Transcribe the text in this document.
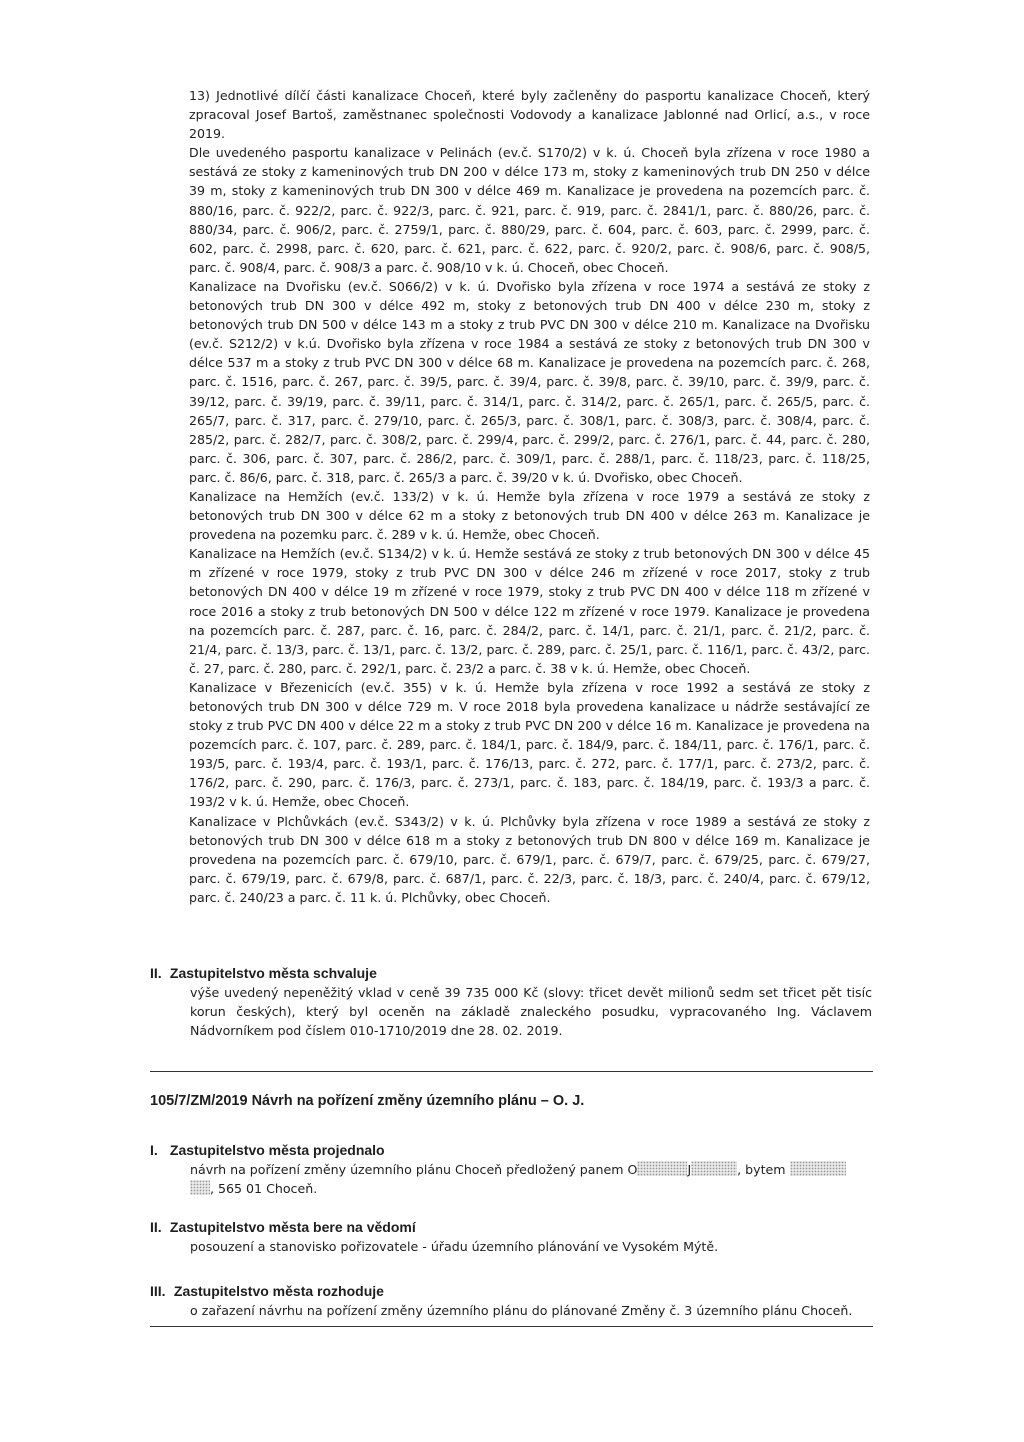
13) Jednotlivé dílčí části kanalizace Choceň, které byly začleněny do pasportu kanalizace Choceň, který zpracoval Josef Bartoš, zaměstnanec společnosti Vodovody a kanalizace Jablonné nad Orlicí, a.s., v roce 2019.
Dle uvedeného pasportu kanalizace v Pelinách (ev.č. S170/2) v k. ú. Choceň byla zřízena v roce 1980 a sestává ze stoky z kameninových trub DN 200 v délce 173 m, stoky z kameninových trub DN 250 v délce 39 m, stoky z kameninových trub DN 300 v délce 469 m. Kanalizace je provedena na pozemcích parc. č. 880/16, parc. č. 922/2, parc. č. 922/3, parc. č. 921, parc. č. 919, parc. č. 2841/1, parc. č. 880/26, parc. č. 880/34, parc. č. 906/2, parc. č. 2759/1, parc. č. 880/29, parc. č. 604, parc. č. 603, parc. č. 2999, parc. č. 602, parc. č. 2998, parc. č. 620, parc. č. 621, parc. č. 622, parc. č. 920/2, parc. č. 908/6, parc. č. 908/5, parc. č. 908/4, parc. č. 908/3 a parc. č. 908/10 v k. ú. Choceň, obec Choceň.
Kanalizace na Dvořisku (ev.č. S066/2) v k. ú. Dvořisko byla zřízena v roce 1974 a sestává ze stoky z betonových trub DN 300 v délce 492 m, stoky z betonových trub DN 400 v délce 230 m, stoky z betonových trub DN 500 v délce 143 m a stoky z trub PVC DN 300 v délce 210 m. Kanalizace na Dvořisku (ev.č. S212/2) v k.ú. Dvořisko byla zřízena v roce 1984 a sestává ze stoky z betonových trub DN 300 v délce 537 m a stoky z trub PVC DN 300 v délce 68 m. Kanalizace je provedena na pozemcích parc. č. 268, parc. č. 1516, parc. č. 267, parc. č. 39/5, parc. č. 39/4, parc. č. 39/8, parc. č. 39/10, parc. č. 39/9, parc. č. 39/12, parc. č. 39/19, parc. č. 39/11, parc. č. 314/1, parc. č. 314/2, parc. č. 265/1, parc. č. 265/5, parc. č. 265/7, parc. č. 317, parc. č. 279/10, parc. č. 265/3, parc. č. 308/1, parc. č. 308/3, parc. č. 308/4, parc. č. 285/2, parc. č. 282/7, parc. č. 308/2, parc. č. 299/4, parc. č. 299/2, parc. č. 276/1, parc. č. 44, parc. č. 280, parc. č. 306, parc. č. 307, parc. č. 286/2, parc. č. 309/1, parc. č. 288/1, parc. č. 118/23, parc. č. 118/25, parc. č. 86/6, parc. č. 318, parc. č. 265/3 a parc. č. 39/20 v k. ú. Dvořisko, obec Choceň.
Kanalizace na Hemžích (ev.č. 133/2) v k. ú. Hemže byla zřízena v roce 1979 a sestává ze stoky z betonových trub DN 300 v délce 62 m a stoky z betonových trub DN 400 v délce 263 m. Kanalizace je provedena na pozemku parc. č. 289 v k. ú. Hemže, obec Choceň.
Kanalizace na Hemžích (ev.č. S134/2) v k. ú. Hemže sestává ze stoky z trub betonových DN 300 v délce 45 m zřízené v roce 1979, stoky z trub PVC DN 300 v délce 246 m zřízené v roce 2017, stoky z trub betonových DN 400 v délce 19 m zřízené v roce 1979, stoky z trub PVC DN 400 v délce 118 m zřízené v roce 2016 a stoky z trub betonových DN 500 v délce 122 m zřízené v roce 1979. Kanalizace je provedena na pozemcích parc. č. 287, parc. č. 16, parc. č. 284/2, parc. č. 14/1, parc. č. 21/1, parc. č. 21/2, parc. č. 21/4, parc. č. 13/3, parc. č. 13/1, parc. č. 13/2, parc. č. 289, parc. č. 25/1, parc. č. 116/1, parc. č. 43/2, parc. č. 27, parc. č. 280, parc. č. 292/1, parc. č. 23/2 a parc. č. 38 v k. ú. Hemže, obec Choceň.
Kanalizace v Březenicích (ev.č. 355) v k. ú. Hemže byla zřízena v roce 1992 a sestává ze stoky z betonových trub DN 300 v délce 729 m. V roce 2018 byla provedena kanalizace u nádrže sestávající ze stoky z trub PVC DN 400 v délce 22 m a stoky z trub PVC DN 200 v délce 16 m. Kanalizace je provedena na pozemcích parc. č. 107, parc. č. 289, parc. č. 184/1, parc. č. 184/9, parc. č. 184/11, parc. č. 176/1, parc. č. 193/5, parc. č. 193/4, parc. č. 193/1, parc. č. 176/13, parc. č. 272, parc. č. 177/1, parc. č. 273/2, parc. č. 176/2, parc. č. 290, parc. č. 176/3, parc. č. 273/1, parc. č. 183, parc. č. 184/19, parc. č. 193/3 a parc. č. 193/2 v k. ú. Hemže, obec Choceň.
Kanalizace v Plchůvkách (ev.č. S343/2) v k. ú. Plchůvky byla zřízena v roce 1989 a sestává ze stoky z betonových trub DN 300 v délce 618 m a stoky z betonových trub DN 800 v délce 169 m. Kanalizace je provedena na pozemcích parc. č. 679/10, parc. č. 679/1, parc. č. 679/7, parc. č. 679/25, parc. č. 679/27, parc. č. 679/19, parc. č. 679/8, parc. č. 687/1, parc. č. 22/3, parc. č. 18/3, parc. č. 240/4, parc. č. 679/12, parc. č. 240/23 a parc. č. 11 k. ú. Plchůvky, obec Choceň.

II. Zastupitelstvo města schvaluje

výše uvedený nepeněžitý vklad v ceně 39 735 000 Kč (slovy: třicet devět milionů sedm set třicet pět tisíc korun českých), který byl oceněn na základě znaleckého posudku, vypracovaného Ing. Václavem Nádvorníkem pod číslem 010-1710/2019 dne 28. 02. 2019.

105/7/ZM/2019 Návrh na pořízení změny územního plánu – O. J.

I. Zastupitelstvo města projednalo

návrh na pořízení změny územního plánu Choceň předložený panem O	J	, bytem
, 565 01 Choceň.

II. Zastupitelstvo města bere na vědomí

posouzení a stanovisko pořizovatele - úřadu územního plánování ve Vysokém Mýtě.

III. Zastupitelstvo města rozhoduje

o zařazení návrhu na pořízení změny územního plánu do plánované Změny č. 3 územního plánu Choceň.
